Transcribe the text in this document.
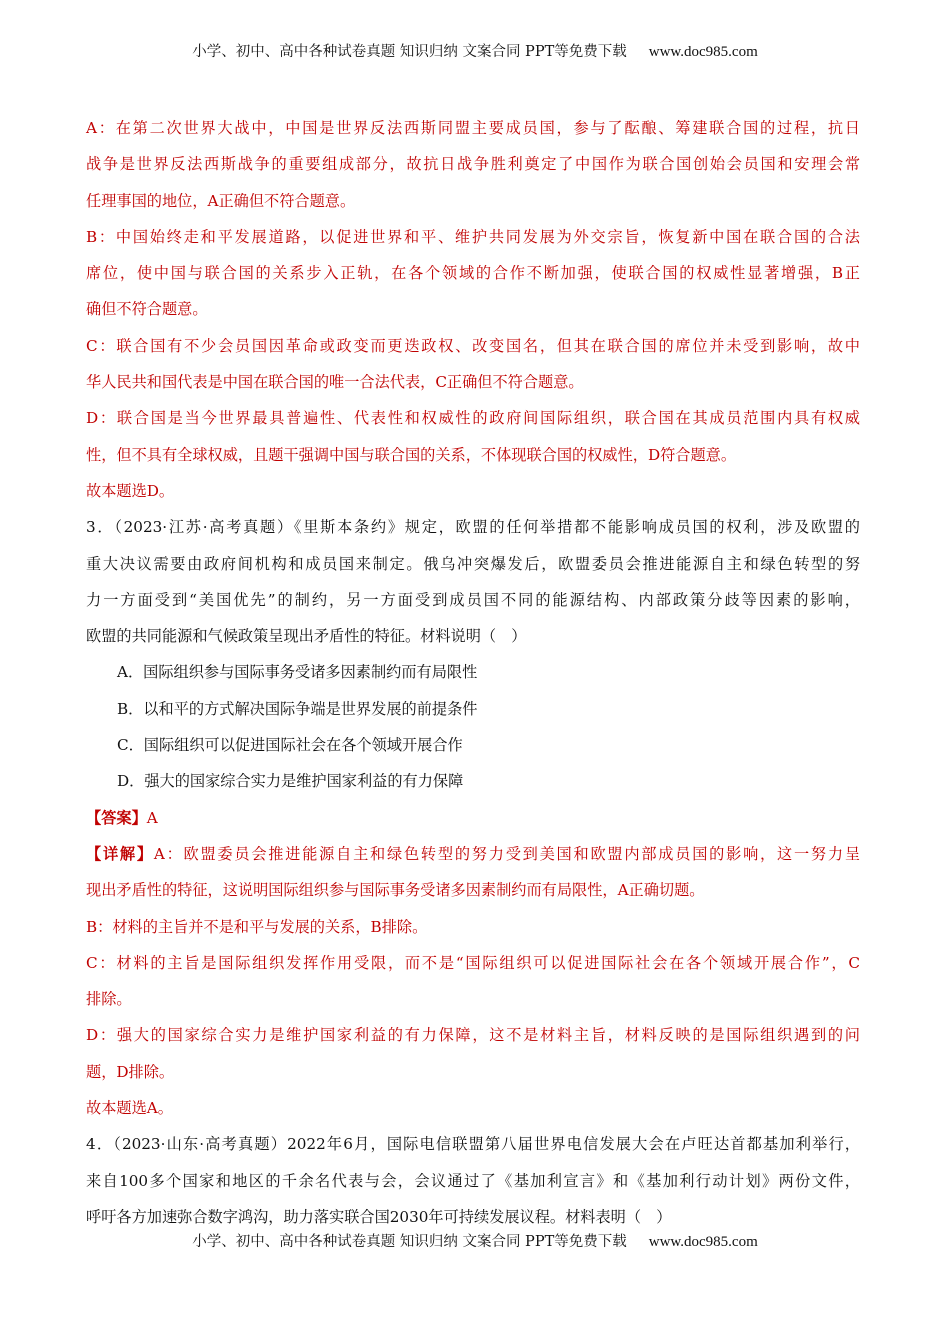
小学、初中、高中各种试卷真题 知识归纳 文案合同 PPT等免费下载 www.doc985.com
A：在第二次世界大战中，中国是世界反法西斯同盟主要成员国，参与了酝酿、筹建联合国的过程，抗日
战争是世界反法西斯战争的重要组成部分，故抗日战争胜利奠定了中国作为联合国创始会员国和安理会常
任理事国的地位，A正确但不符合题意。
B：中国始终走和平发展道路，以促进世界和平、维护共同发展为外交宗旨，恢复新中国在联合国的合法
席位，使中国与联合国的关系步入正轨，在各个领域的合作不断加强，使联合国的权威性显著增强，B正
确但不符合题意。
C：联合国有不少会员国因革命或政变而更迭政权、改变国名，但其在联合国的席位并未受到影响，故中
华人民共和国代表是中国在联合国的唯一合法代表，C正确但不符合题意。
D：联合国是当今世界最具普遍性、代表性和权威性的政府间国际组织，联合国在其成员范围内具有权威
性，但不具有全球权威，且题干强调中国与联合国的关系，不体现联合国的权威性，D符合题意。
故本题选D。
3．（2023·江苏·高考真题）《里斯本条约》规定，欧盟的任何举措都不能影响成员国的权利，涉及欧盟的
重大决议需要由政府间机构和成员国来制定。俄乌冲突爆发后，欧盟委员会推进能源自主和绿色转型的努
力一方面受到“美国优先”的制约，另一方面受到成员国不同的能源结构、内部政策分歧等因素的影响，
欧盟的共同能源和气候政策呈现出矛盾性的特征。材料说明（　）
A．国际组织参与国际事务受诸多因素制约而有局限性
B．以和平的方式解决国际争端是世界发展的前提条件
C．国际组织可以促进国际社会在各个领域开展合作
D．强大的国家综合实力是维护国家利益的有力保障
【答案】A
【详解】A：欧盟委员会推进能源自主和绿色转型的努力受到美国和欧盟内部成员国的影响，这一努力呈
现出矛盾性的特征，这说明国际组织参与国际事务受诸多因素制约而有局限性，A正确切题。
B：材料的主旨并不是和平与发展的关系，B排除。
C：材料的主旨是国际组织发挥作用受限，而不是“国际组织可以促进国际社会在各个领域开展合作”，C
排除。
D：强大的国家综合实力是维护国家利益的有力保障，这不是材料主旨，材料反映的是国际组织遇到的问
题，D排除。
故本题选A。
4．（2023·山东·高考真题）2022年6月，国际电信联盟第八届世界电信发展大会在卢旺达首都基加利举行，
来自100多个国家和地区的千余名代表与会，会议通过了《基加利宣言》和《基加利行动计划》两份文件，
呼吁各方加速弥合数字鸿沟，助力落实联合国2030年可持续发展议程。材料表明（　）
小学、初中、高中各种试卷真题 知识归纳 文案合同 PPT等免费下载 www.doc985.com
